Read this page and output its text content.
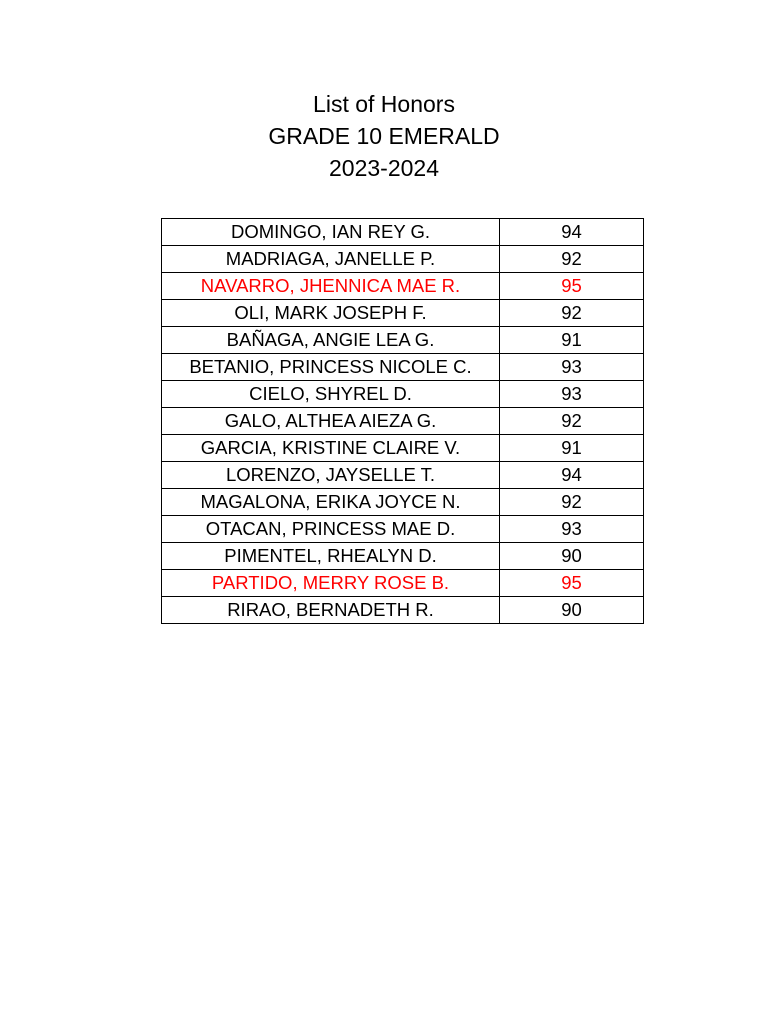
List of Honors
GRADE 10 EMERALD
2023-2024
DOMINGO, IAN REY G.	94
MADRIAGA, JANELLE P.	92
NAVARRO, JHENNICA MAE R.	95
OLI, MARK JOSEPH F.	92
BAÑAGA, ANGIE LEA G.	91
BETANIO, PRINCESS NICOLE C.	93
CIELO, SHYREL D.	93
GALO, ALTHEA AIEZA G.	92
GARCIA, KRISTINE CLAIRE V.	91
LORENZO, JAYSELLE T.	94
MAGALONA, ERIKA JOYCE N.	92
OTACAN, PRINCESS MAE D.	93
PIMENTEL, RHEALYN D.	90
PARTIDO, MERRY ROSE B.	95
RIRAO, BERNADETH R.	90
